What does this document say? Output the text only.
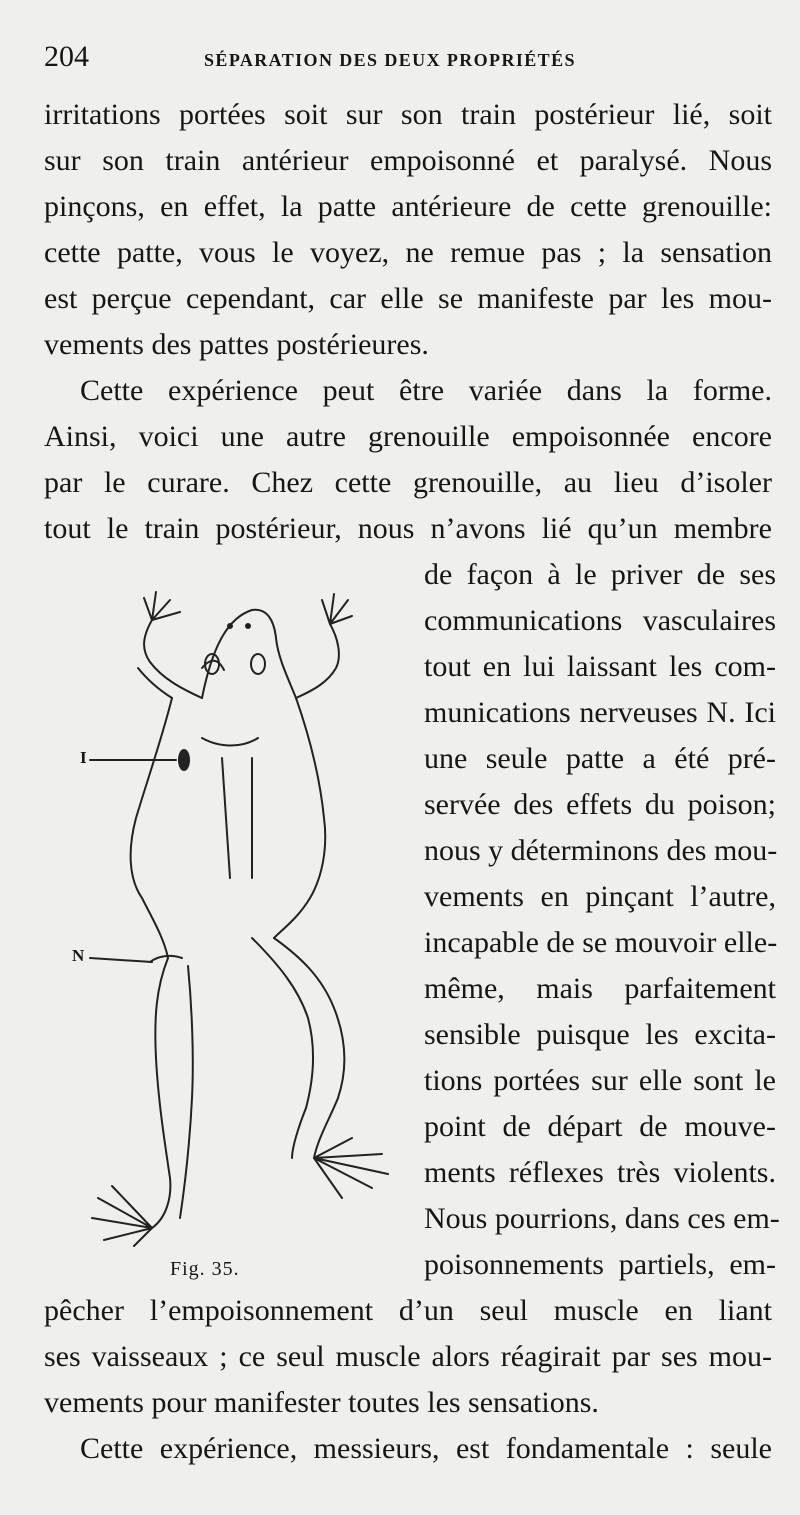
204	SÉPARATION DES DEUX PROPRIÉTÉS
irritations portées soit sur son train postérieur lié, soit
sur son train antérieur empoisonné et paralysé. Nous
pinçons, en effet, la patte antérieure de cette grenouille:
cette patte, vous le voyez, ne remue pas ; la sensation
est perçue cependant, car elle se manifeste par les mou-
vements des pattes postérieures.
Cette expérience peut être variée dans la forme.
Ainsi, voici une autre grenouille empoisonnée encore
par le curare. Chez cette grenouille, au lieu d’isoler
tout le train postérieur, nous n’avons lié qu’un membre
de façon à le priver de ses
communications vasculaires
tout en lui laissant les com-
munications nerveuses N. Ici
une seule patte a été pré-
servée des effets du poison;
nous y déterminons des mou-
vements en pinçant l’autre,
incapable de se mouvoir elle-
même, mais parfaitement
sensible puisque les excita-
tions portées sur elle sont le
point de départ de mouve-
ments réflexes très violents.
Nous pourrions, dans ces em-
poisonnements partiels, em-
pêcher l’empoisonnement d’un seul muscle en liant
ses vaisseaux ; ce seul muscle alors réagirait par ses mou-
vements pour manifester toutes les sensations.
Cette expérience, messieurs, est fondamentale : seule
I
N
Fig. 35.
